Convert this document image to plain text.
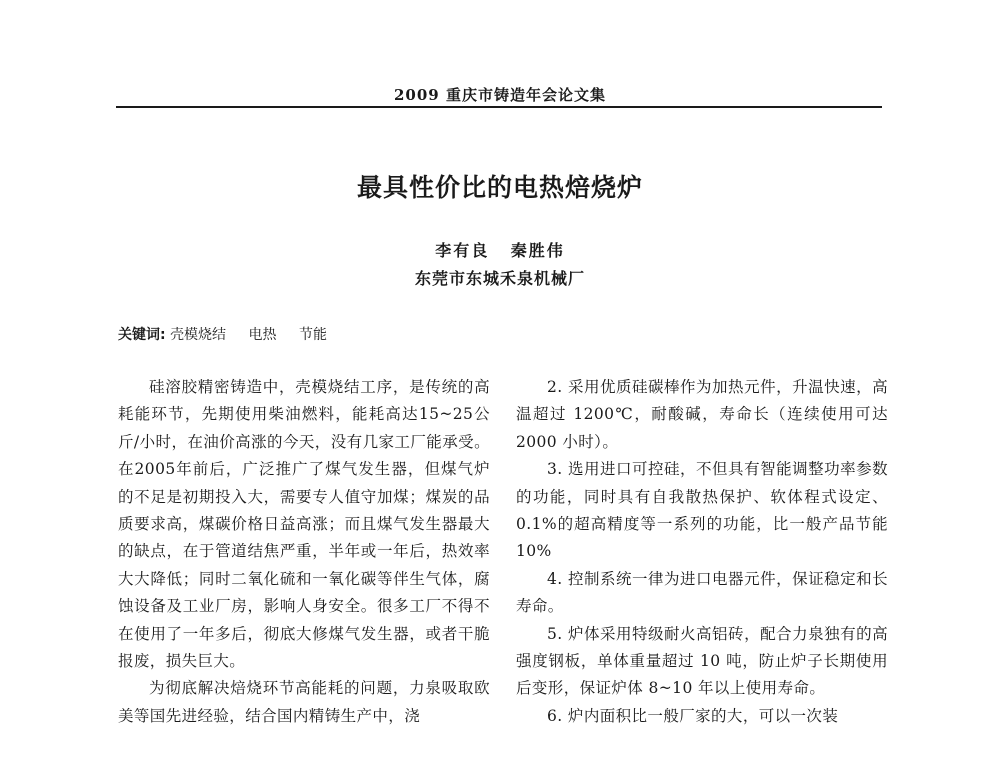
2009 重庆市铸造年会论文集
最具性价比的电热焙烧炉
李有良 秦胜伟
东莞市东城禾泉机械厂
关键词: 壳模烧结 电热 节能

硅溶胶精密铸造中，壳模烧结工序，是传统的高耗能环节，先期使用柴油燃料，能耗高达15~25公斤/小时，在油价高涨的今天，没有几家工厂能承受。在2005年前后，广泛推广了煤气发生器，但煤气炉的不足是初期投入大，需要专人值守加煤；煤炭的品质要求高，煤碳价格日益高涨；而且煤气发生器最大的缺点，在于管道结焦严重，半年或一年后，热效率大大降低；同时二氧化硫和一氧化碳等伴生气体，腐蚀设备及工业厂房，影响人身安全。很多工厂不得不在使用了一年多后，彻底大修煤气发生器，或者干脆报废，损失巨大。

为彻底解决焙烧环节高能耗的问题，力泉吸取欧美等国先进经验，结合国内精铸生产中，浇

2. 采用优质硅碳棒作为加热元件，升温快速，高温超过 1200℃，耐酸碱，寿命长（连续使用可达 2000 小时）。

3. 选用进口可控硅，不但具有智能调整功率参数的功能，同时具有自我散热保护、软体程式设定、0.1%的超高精度等一系列的功能，比一般产品节能 10%

4. 控制系统一律为进口电器元件，保证稳定和长寿命。

5. 炉体采用特级耐火高铝砖，配合力泉独有的高强度钢板，单体重量超过 10 吨，防止炉子长期使用后变形，保证炉体 8~10 年以上使用寿命。

6. 炉内面积比一般厂家的大，可以一次装
